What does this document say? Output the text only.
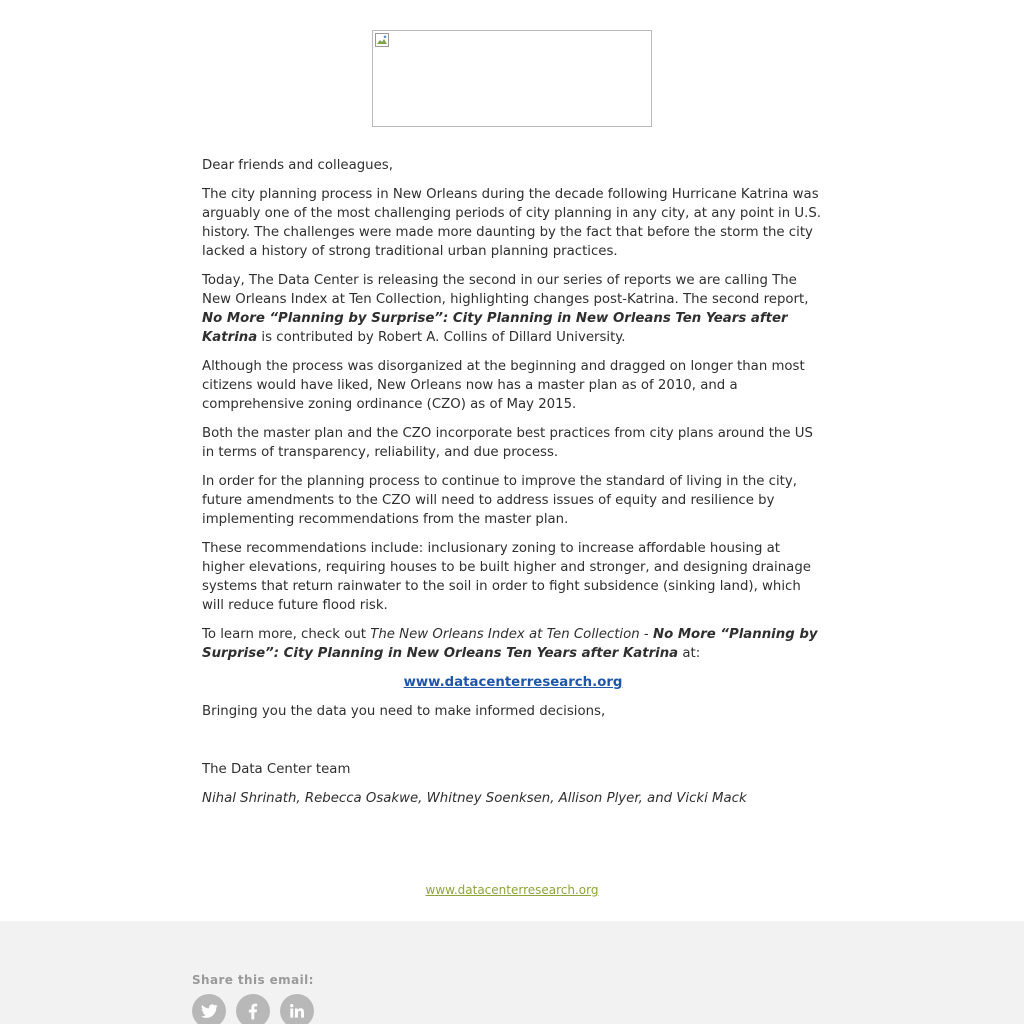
Dear friends and colleagues,

The city planning process in New Orleans during the decade following Hurricane Katrina was arguably one of the most challenging periods of city planning in any city, at any point in U.S. history. The challenges were made more daunting by the fact that before the storm the city lacked a history of strong traditional urban planning practices.

Today, The Data Center is releasing the second in our series of reports we are calling The New Orleans Index at Ten Collection, highlighting changes post-Katrina. The second report, No More “Planning by Surprise”: City Planning in New Orleans Ten Years after Katrina is contributed by Robert A. Collins of Dillard University.

Although the process was disorganized at the beginning and dragged on longer than most citizens would have liked, New Orleans now has a master plan as of 2010, and a comprehensive zoning ordinance (CZO) as of May 2015.

Both the master plan and the CZO incorporate best practices from city plans around the US in terms of transparency, reliability, and due process.

In order for the planning process to continue to improve the standard of living in the city, future amendments to the CZO will need to address issues of equity and resilience by implementing recommendations from the master plan.

These recommendations include: inclusionary zoning to increase affordable housing at higher elevations, requiring houses to be built higher and stronger, and designing drainage systems that return rainwater to the soil in order to fight subsidence (sinking land), which will reduce future flood risk.

To learn more, check out The New Orleans Index at Ten Collection - No More “Planning by Surprise”: City Planning in New Orleans Ten Years after Katrina at:

www.datacenterresearch.org

Bringing you the data you need to make informed decisions,

The Data Center team

Nihal Shrinath, Rebecca Osakwe, Whitney Soenksen, Allison Plyer, and Vicki Mack

www.datacenterresearch.org
Share this email:
